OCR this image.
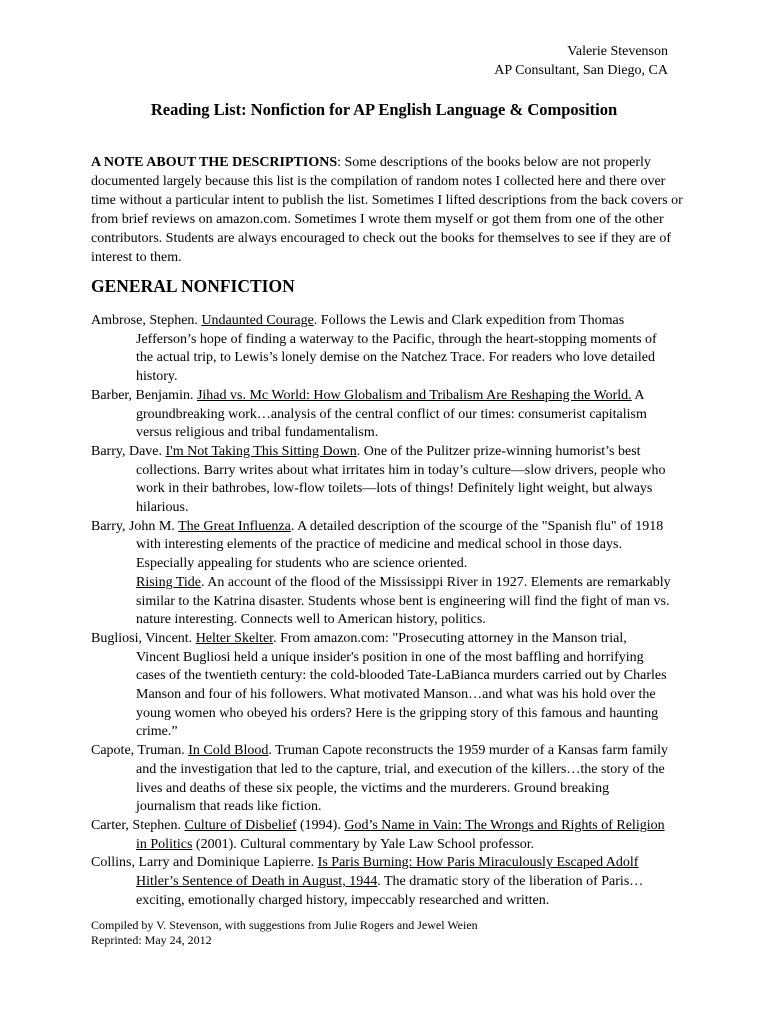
Valerie Stevenson
AP Consultant, San Diego, CA
Reading List: Nonfiction for AP English Language & Composition

A NOTE ABOUT THE DESCRIPTIONS: Some descriptions of the books below are not properly documented largely because this list is the compilation of random notes I collected here and there over time without a particular intent to publish the list. Sometimes I lifted descriptions from the back covers or from brief reviews on amazon.com. Sometimes I wrote them myself or got them from one of the other contributors. Students are always encouraged to check out the books for themselves to see if they are of interest to them.

GENERAL NONFICTION
Ambrose, Stephen. Undaunted Courage. Follows the Lewis and Clark expedition from Thomas Jefferson’s hope of finding a waterway to the Pacific, through the heart-stopping moments of the actual trip, to Lewis’s lonely demise on the Natchez Trace. For readers who love detailed history.
Barber, Benjamin. Jihad vs. Mc World: How Globalism and Tribalism Are Reshaping the World. A groundbreaking work…analysis of the central conflict of our times: consumerist capitalism versus religious and tribal fundamentalism.
Barry, Dave. I'm Not Taking This Sitting Down. One of the Pulitzer prize-winning humorist’s best collections. Barry writes about what irritates him in today’s culture—slow drivers, people who work in their bathrobes, low-flow toilets—lots of things! Definitely light weight, but always hilarious.
Barry, John M. The Great Influenza. A detailed description of the scourge of the "Spanish flu" of 1918 with interesting elements of the practice of medicine and medical school in those days. Especially appealing for students who are science oriented.
Rising Tide. An account of the flood of the Mississippi River in 1927. Elements are remarkably similar to the Katrina disaster. Students whose bent is engineering will find the fight of man vs. nature interesting. Connects well to American history, politics.
Bugliosi, Vincent. Helter Skelter. From amazon.com: "Prosecuting attorney in the Manson trial, Vincent Bugliosi held a unique insider's position in one of the most baffling and horrifying cases of the twentieth century: the cold-blooded Tate-LaBianca murders carried out by Charles Manson and four of his followers. What motivated Manson…and what was his hold over the young women who obeyed his orders? Here is the gripping story of this famous and haunting crime.”
Capote, Truman. In Cold Blood. Truman Capote reconstructs the 1959 murder of a Kansas farm family and the investigation that led to the capture, trial, and execution of the killers…the story of the lives and deaths of these six people, the victims and the murderers. Ground breaking journalism that reads like fiction.
Carter, Stephen. Culture of Disbelief (1994). God’s Name in Vain: The Wrongs and Rights of Religion in Politics (2001). Cultural commentary by Yale Law School professor.
Collins, Larry and Dominique Lapierre. Is Paris Burning: How Paris Miraculously Escaped Adolf Hitler’s Sentence of Death in August, 1944. The dramatic story of the liberation of Paris…exciting, emotionally charged history, impeccably researched and written.
Compiled by V. Stevenson, with suggestions from Julie Rogers and Jewel Weien
Reprinted: May 24, 2012
